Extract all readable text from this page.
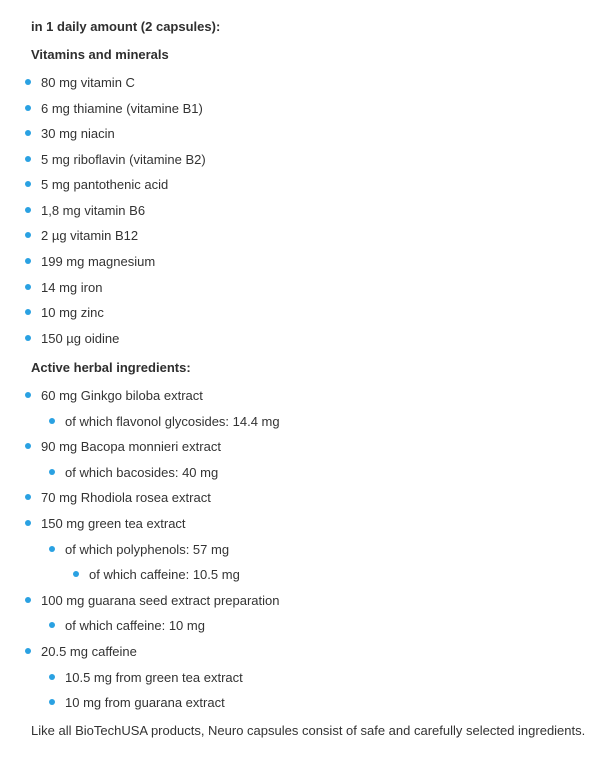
in 1 daily amount (2 capsules):
Vitamins and minerals
80 mg vitamin C
6 mg thiamine (vitamine B1)
30 mg niacin
5 mg riboflavin (vitamine B2)
5 mg pantothenic acid
1,8 mg vitamin B6
2 µg vitamin B12
199 mg magnesium
14 mg iron
10 mg zinc
150 µg oidine
Active herbal ingredients:
60 mg Ginkgo biloba extract
of which flavonol glycosides: 14.4 mg
90 mg Bacopa monnieri extract
of which bacosides: 40 mg
70 mg Rhodiola rosea extract
150 mg green tea extract
of which polyphenols: 57 mg
of which caffeine: 10.5 mg
100 mg guarana seed extract preparation
of which caffeine: 10 mg
20.5 mg caffeine
10.5 mg from green tea extract
10 mg from guarana extract
Like all BioTechUSA products, Neuro capsules consist of safe and carefully selected ingredients.
